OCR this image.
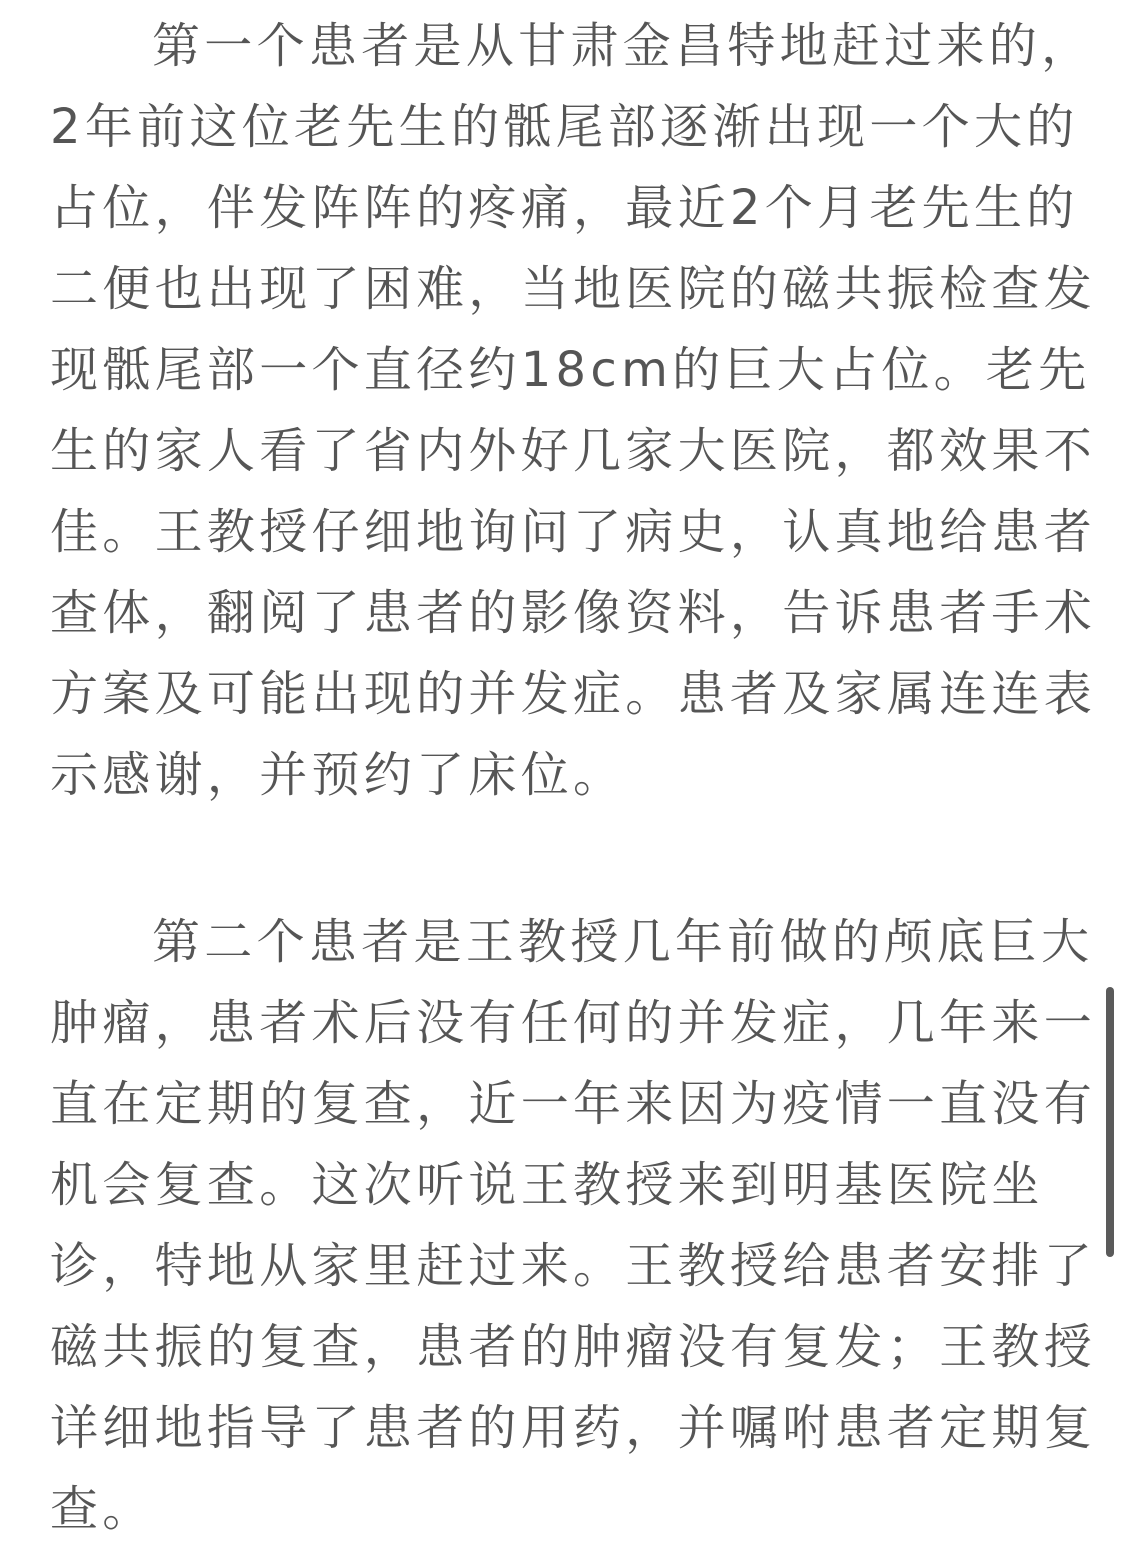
第一个患者是从甘肃金昌特地赶过来的，
2年前这位老先生的骶尾部逐渐出现一个大的
占位，伴发阵阵的疼痛，最近2个月老先生的
二便也出现了困难，当地医院的磁共振检查发
现骶尾部一个直径约18cm的巨大占位。老先
生的家人看了省内外好几家大医院，都效果不
佳。王教授仔细地询问了病史，认真地给患者
查体，翻阅了患者的影像资料，告诉患者手术
方案及可能出现的并发症。患者及家属连连表
示感谢，并预约了床位。
第二个患者是王教授几年前做的颅底巨大
肿瘤，患者术后没有任何的并发症，几年来一
直在定期的复查，近一年来因为疫情一直没有
机会复查。这次听说王教授来到明基医院坐
诊，特地从家里赶过来。王教授给患者安排了
磁共振的复查，患者的肿瘤没有复发；王教授
详细地指导了患者的用药，并嘱咐患者定期复
查。
